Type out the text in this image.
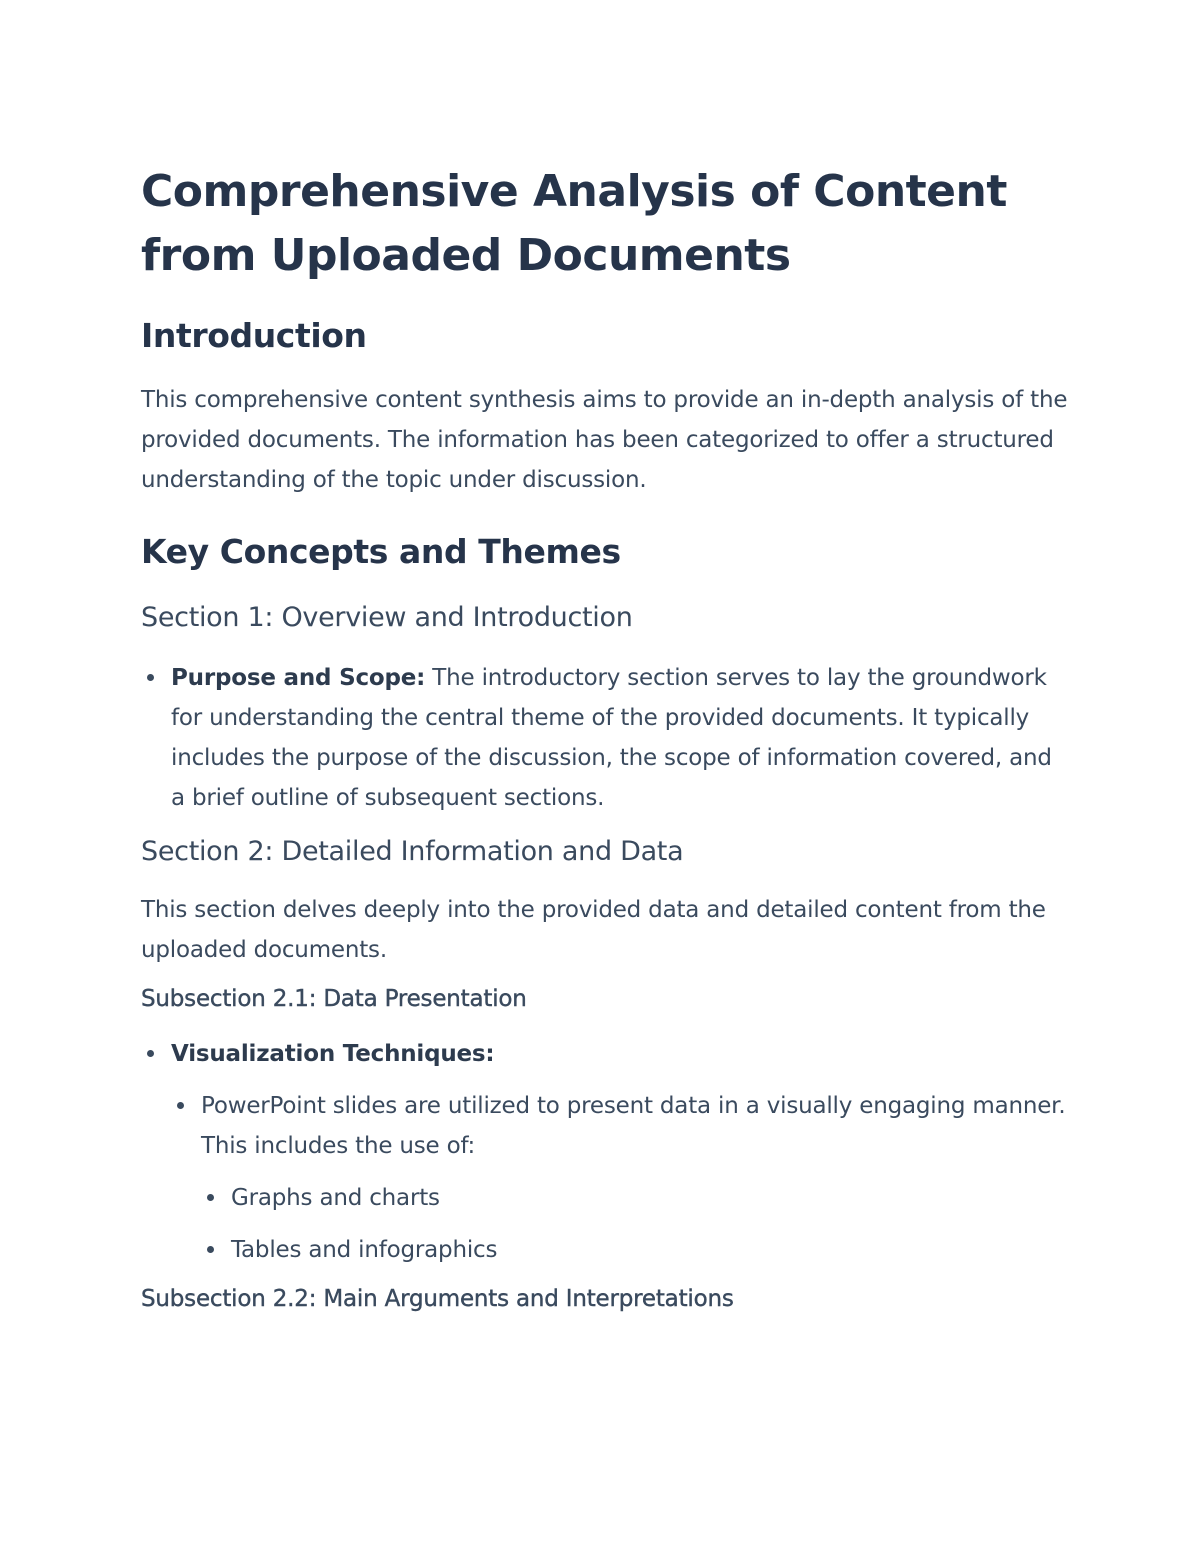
Comprehensive Analysis of Content from Uploaded Documents
Introduction

This comprehensive content synthesis aims to provide an in-depth analysis of the provided documents. The information has been categorized to offer a structured understanding of the topic under discussion.

Key Concepts and Themes
Section 1: Overview and Introduction
Purpose and Scope: The introductory section serves to lay the groundwork for understanding the central theme of the provided documents. It typically includes the purpose of the discussion, the scope of information covered, and a brief outline of subsequent sections.
Section 2: Detailed Information and Data

This section delves deeply into the provided data and detailed content from the uploaded documents.

Subsection 2.1: Data Presentation
Visualization Techniques:
PowerPoint slides are utilized to present data in a visually engaging manner. This includes the use of:
Graphs and charts
Tables and infographics
Subsection 2.2: Main Arguments and Interpretations
